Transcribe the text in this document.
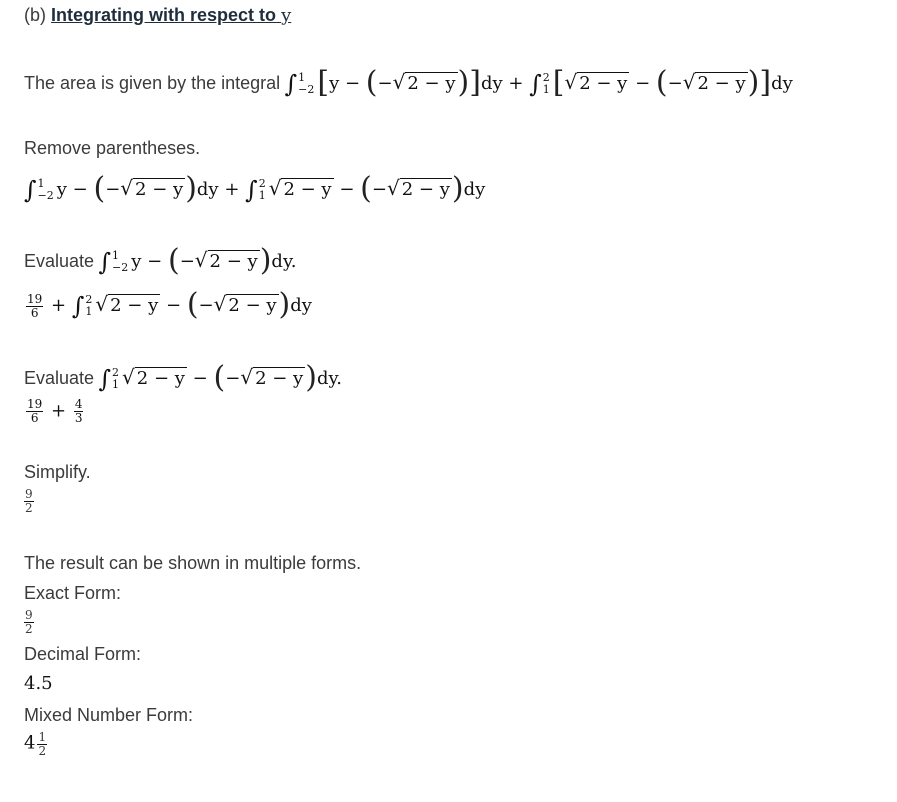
(b) Integrating with respect to y
The area is given by the integral ∫ 1
−2 [y − (−√ 2 − y)]dy + ∫ 2
1 [√ 2 − y − (−√ 2 − y)]dy
Remove parentheses.
∫ 1
−2 y − (−√ 2 − y)dy + ∫ 2
1 √ 2 − y − (−√ 2 − y)dy
Evaluate ∫ 1
−2 y − (−√ 2 − y)dy.
$\frac{19}{6}$ + ∫ 2
1 √ 2 − y − (−√ 2 − y)dy
Evaluate ∫ 2
1 √ 2 − y − (−√ 2 − y)dy.
$\frac{19}{6} + \frac{4}{3}$
Simplify.
$\frac{9}{2}$
The result can be shown in multiple forms.
Exact Form:
$\frac{9}{2}$
Decimal Form:
4.5
Mixed Number Form:
$4 \frac{1}{2}$
